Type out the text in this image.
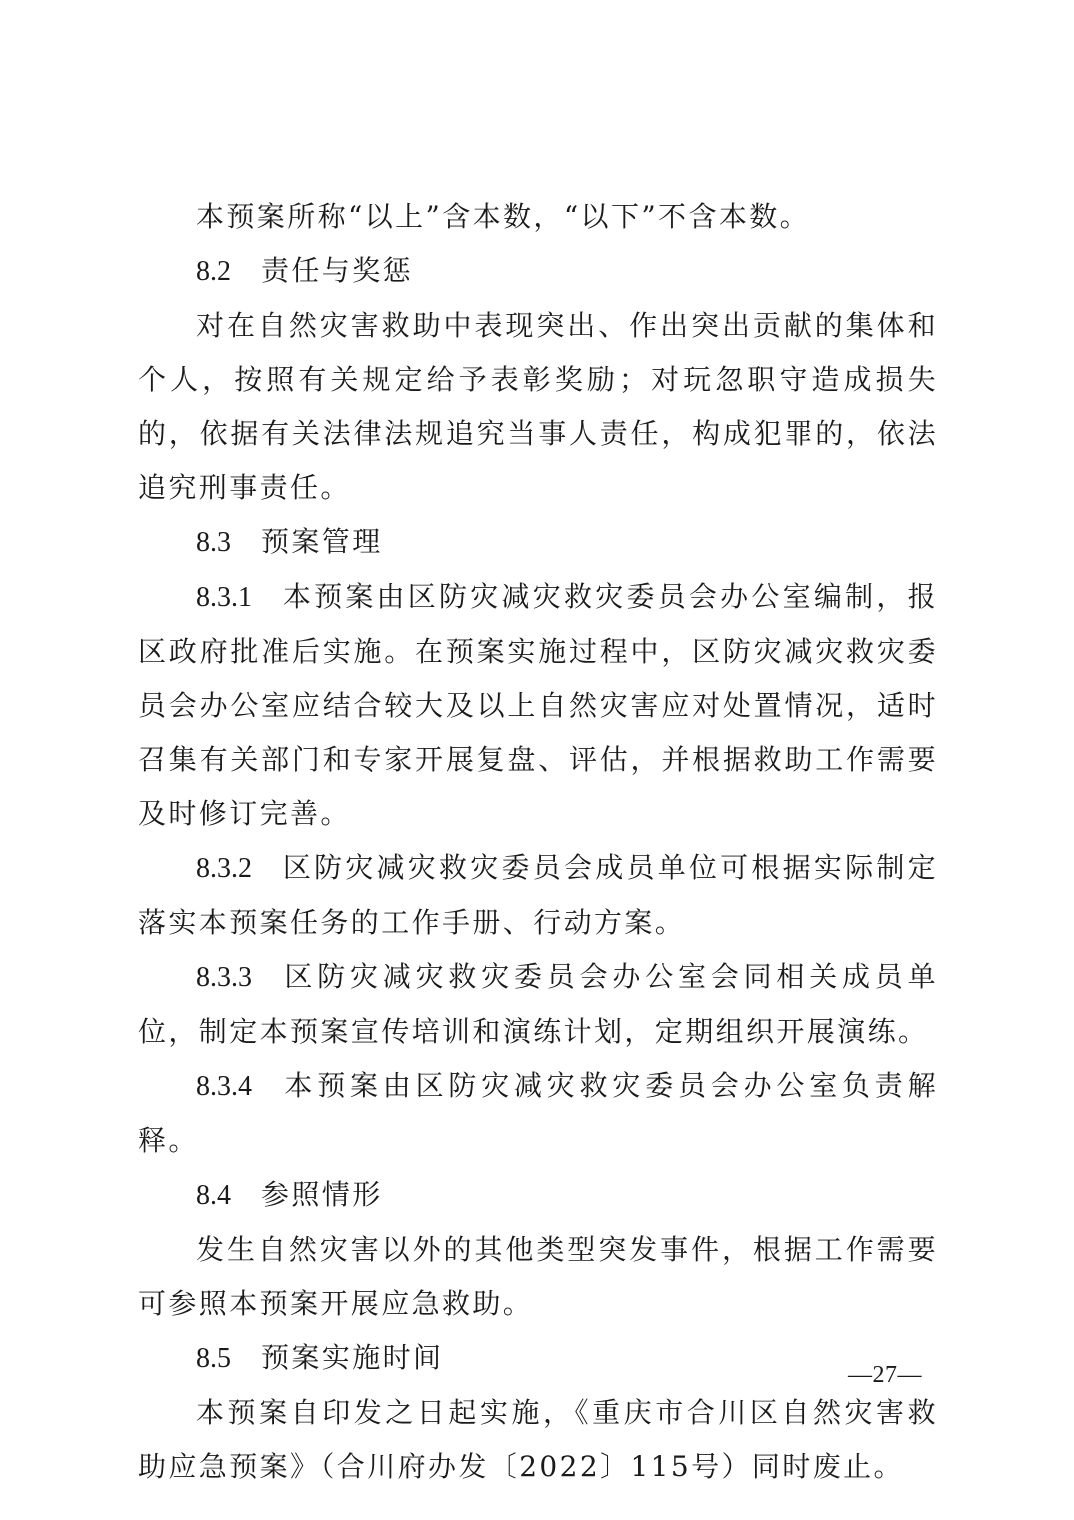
本预案所称“以上”含本数，“以下”不含本数。

8.2 责任与奖惩

对在自然灾害救助中表现突出、作出突出贡献的集体和个人，按照有关规定给予表彰奖励；对玩忽职守造成损失的，依据有关法律法规追究当事人责任，构成犯罪的，依法追究刑事责任。

8.3 预案管理

8.3.1 本预案由区防灾减灾救灾委员会办公室编制，报区政府批准后实施。在预案实施过程中，区防灾减灾救灾委员会办公室应结合较大及以上自然灾害应对处置情况，适时召集有关部门和专家开展复盘、评估，并根据救助工作需要及时修订完善。

8.3.2 区防灾减灾救灾委员会成员单位可根据实际制定落实本预案任务的工作手册、行动方案。

8.3.3 区防灾减灾救灾委员会办公室会同相关成员单位，制定本预案宣传培训和演练计划，定期组织开展演练。

8.3.4 本预案由区防灾减灾救灾委员会办公室负责解释。

8.4 参照情形

发生自然灾害以外的其他类型突发事件，根据工作需要可参照本预案开展应急救助。

8.5 预案实施时间

本预案自印发之日起实施，《重庆市合川区自然灾害救助应急预案》（合川府办发〔2022〕115号）同时废止。

—27—
